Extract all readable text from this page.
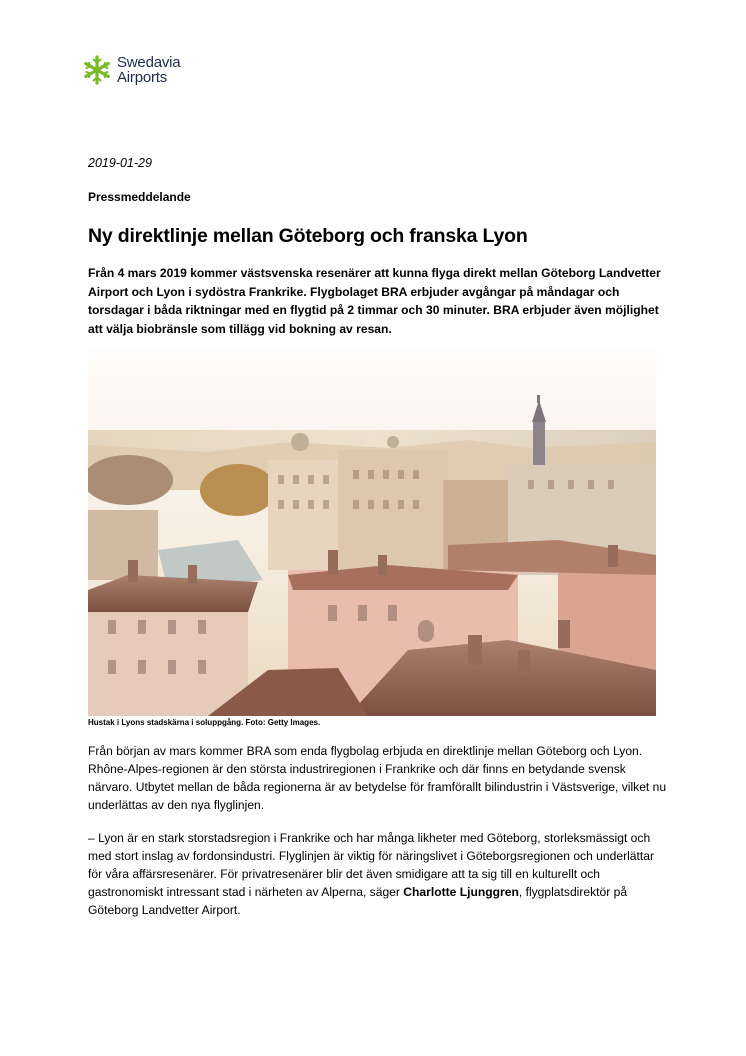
Swedavia
Airports
2019-01-29
Pressmeddelande
Ny direktlinje mellan Göteborg och franska Lyon

Från 4 mars 2019 kommer västsvenska resenärer att kunna flyga direkt mellan Göteborg Landvetter Airport och Lyon i sydöstra Frankrike. Flygbolaget BRA erbjuder avgångar på måndagar och torsdagar i båda riktningar med en flygtid på 2 timmar och 30 minuter. BRA erbjuder även möjlighet att välja biobränsle som tillägg vid bokning av resan.

Hustak i Lyons stadskärna i soluppgång. Foto: Getty Images.

Från början av mars kommer BRA som enda flygbolag erbjuda en direktlinje mellan Göteborg och Lyon. Rhône-Alpes-regionen är den största industriregionen i Frankrike och där finns en betydande svensk närvaro. Utbytet mellan de båda regionerna är av betydelse för framförallt bilindustrin i Västsverige, vilket nu underlättas av den nya flyglinjen.

– Lyon är en stark storstadsregion i Frankrike och har många likheter med Göteborg, storleksmässigt och med stort inslag av fordonsindustri. Flyglinjen är viktig för näringslivet i Göteborgsregionen och underlättar för våra affärsresenärer. För privatresenärer blir det även smidigare att ta sig till en kulturellt och gastronomiskt intressant stad i närheten av Alperna, säger Charlotte Ljunggren, flygplatsdirektör på Göteborg Landvetter Airport.
